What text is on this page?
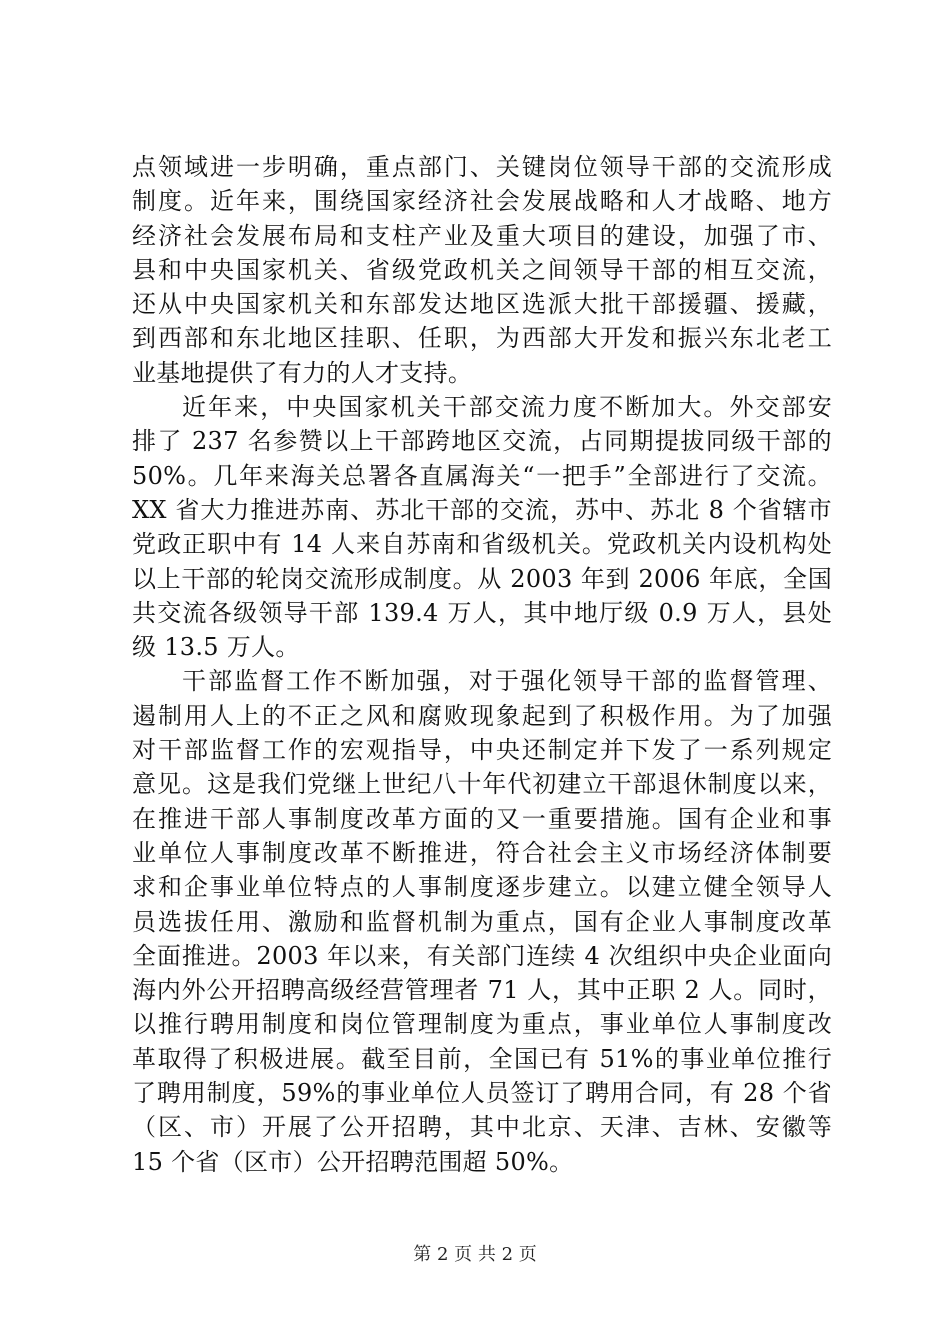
点领域进一步明确，重点部门、关键岗位领导干部的交流形成
制度。近年来，围绕国家经济社会发展战略和人才战略、地方
经济社会发展布局和支柱产业及重大项目的建设，加强了市、
县和中央国家机关、省级党政机关之间领导干部的相互交流，
还从中央国家机关和东部发达地区选派大批干部援疆、援藏，
到西部和东北地区挂职、任职，为西部大开发和振兴东北老工
业基地提供了有力的人才支持。
近年来，中央国家机关干部交流力度不断加大。外交部安
排了 237 名参赞以上干部跨地区交流，占同期提拔同级干部的
50%。几年来海关总署各直属海关“一把手”全部进行了交流。
XX 省大力推进苏南、苏北干部的交流，苏中、苏北 8 个省辖市
党政正职中有 14 人来自苏南和省级机关。党政机关内设机构处
以上干部的轮岗交流形成制度。从 2003 年到 2006 年底，全国
共交流各级领导干部 139.4 万人，其中地厅级 0.9 万人，县处
级 13.5 万人。
干部监督工作不断加强，对于强化领导干部的监督管理、
遏制用人上的不正之风和腐败现象起到了积极作用。为了加强
对干部监督工作的宏观指导，中央还制定并下发了一系列规定
意见。这是我们党继上世纪八十年代初建立干部退休制度以来，
在推进干部人事制度改革方面的又一重要措施。国有企业和事
业单位人事制度改革不断推进，符合社会主义市场经济体制要
求和企事业单位特点的人事制度逐步建立。以建立健全领导人
员选拔任用、激励和监督机制为重点，国有企业人事制度改革
全面推进。2003 年以来，有关部门连续 4 次组织中央企业面向
海内外公开招聘高级经营管理者 71 人，其中正职 2 人。同时，
以推行聘用制度和岗位管理制度为重点，事业单位人事制度改
革取得了积极进展。截至目前，全国已有 51%的事业单位推行
了聘用制度，59%的事业单位人员签订了聘用合同，有 28 个省
（区、市）开展了公开招聘，其中北京、天津、吉林、安徽等
15 个省（区市）公开招聘范围超 50%。
第 2 页 共 2 页
